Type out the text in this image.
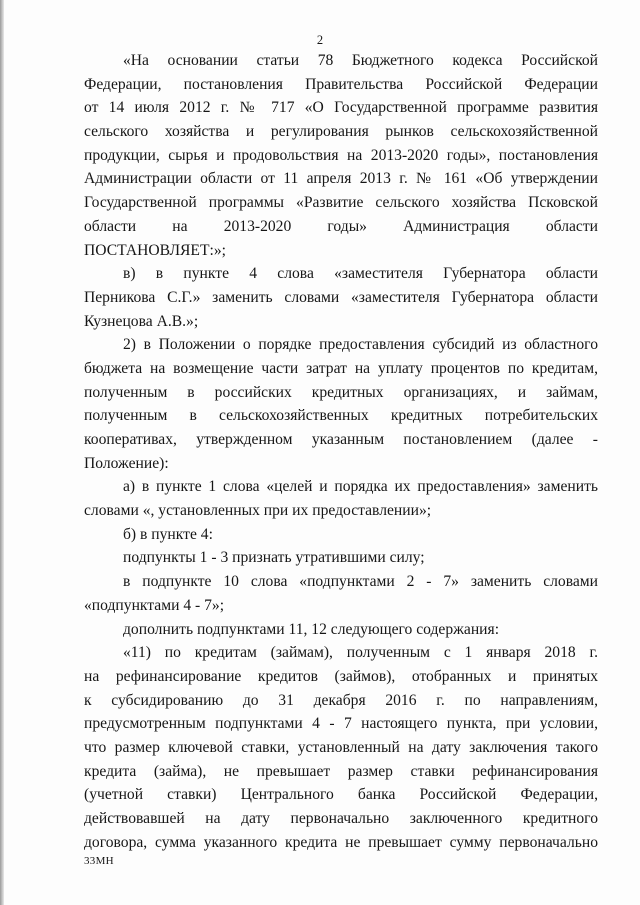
2
«На основании статьи 78 Бюджетного кодекса Российской
Федерации, постановления Правительства Российской Федерации
от 14 июля 2012 г. № 717 «О Государственной программе развития
сельского хозяйства и регулирования рынков сельскохозяйственной
продукции, сырья и продовольствия на 2013-2020 годы», постановления
Администрации области от 11 апреля 2013 г. № 161 «Об утверждении
Государственной программы «Развитие сельского хозяйства Псковской
области на 2013-2020 годы» Администрация области
ПОСТАНОВЛЯЕТ:»;
в) в пункте 4 слова «заместителя Губернатора области
Перникова С.Г.» заменить словами «заместителя Губернатора области
Кузнецова А.В.»;
2) в Положении о порядке предоставления субсидий из областного
бюджета на возмещение части затрат на уплату процентов по кредитам,
полученным в российских кредитных организациях, и займам,
полученным в сельскохозяйственных кредитных потребительских
кооперативах, утвержденном указанным постановлением (далее -
Положение):
а) в пункте 1 слова «целей и порядка их предоставления» заменить
словами «, установленных при их предоставлении»;
б) в пункте 4:
подпункты 1 - 3 признать утратившими силу;
в подпункте 10 слова «подпунктами 2 - 7» заменить словами
«подпунктами 4 - 7»;
дополнить подпунктами 11, 12 следующего содержания:
«11) по кредитам (займам), полученным с 1 января 2018 г.
на рефинансирование кредитов (займов), отобранных и принятых
к субсидированию до 31 декабря 2016 г. по направлениям,
предусмотренным подпунктами 4 - 7 настоящего пункта, при условии,
что размер ключевой ставки, установленный на дату заключения такого
кредита (займа), не превышает размер ставки рефинансирования
(учетной ставки) Центрального банка Российской Федерации,
действовавшей на дату первоначально заключенного кредитного
договора, сумма указанного кредита не превышает сумму первоначально
33МН
